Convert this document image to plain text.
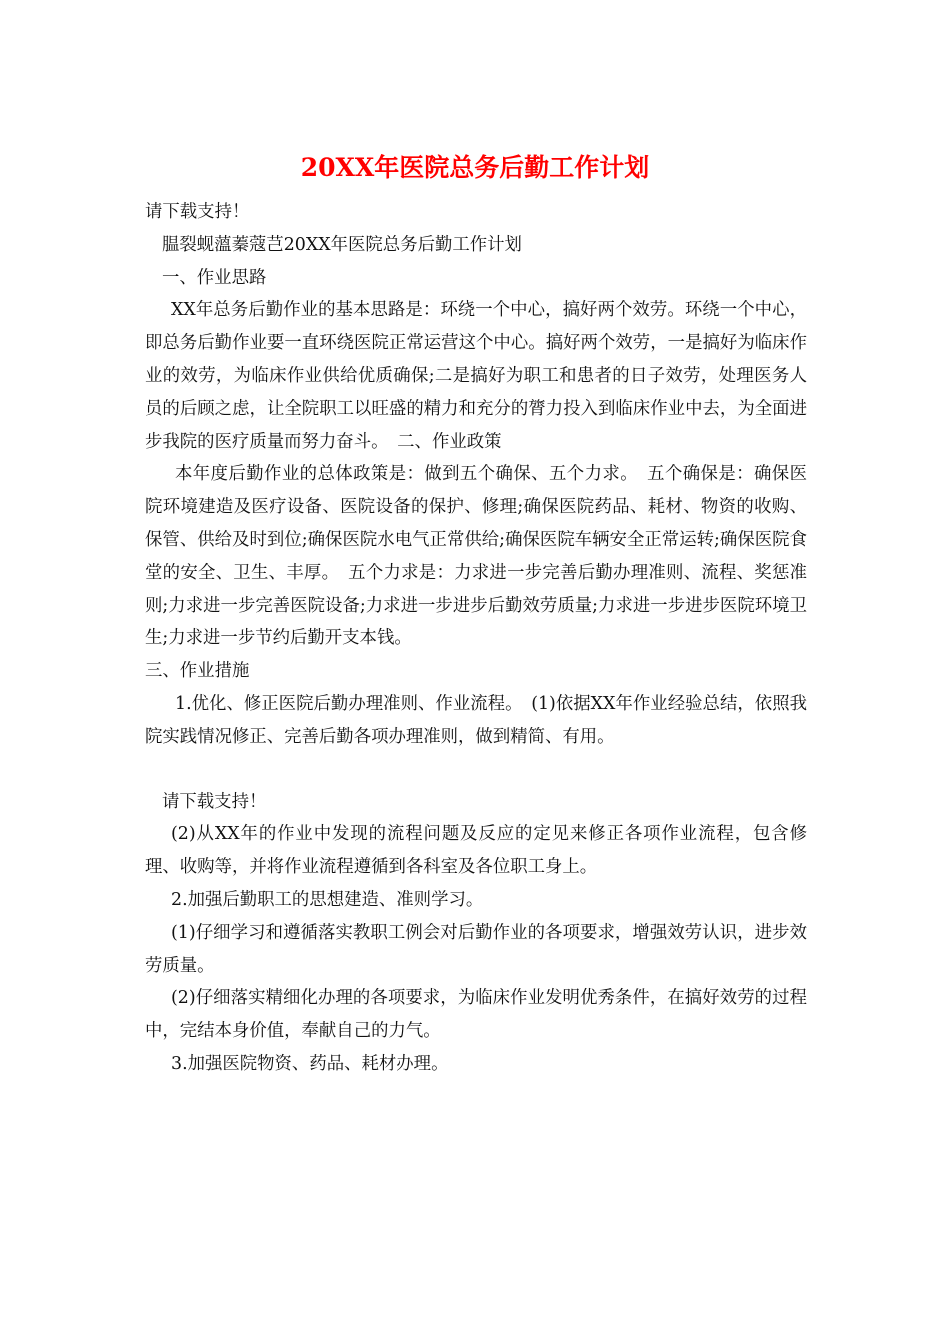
20XX年医院总务后勤工作计划

请下载支持！

腽裂蚬薀蓁蔻芑20XX年医院总务后勤工作计划

一、作业思路

XX年总务后勤作业的基本思路是：环绕一个中心，搞好两个效劳。环绕一个中心，即总务后勤作业要一直环绕医院正常运营这个中心。搞好两个效劳，一是搞好为临床作业的效劳，为临床作业供给优质确保;二是搞好为职工和患者的日子效劳，处理医务人员的后顾之虑，让全院职工以旺盛的精力和充分的膂力投入到临床作业中去，为全面进步我院的医疗质量而努力奋斗。　二、作业政策

本年度后勤作业的总体政策是：做到五个确保、五个力求。　五个确保是：确保医院环境建造及医疗设备、医院设备的保护、修理;确保医院药品、耗材、物资的收购、保管、供给及时到位;确保医院水电气正常供给;确保医院车辆安全正常运转;确保医院食堂的安全、卫生、丰厚。　五个力求是：力求进一步完善后勤办理准则、流程、奖惩准则;力求进一步完善医院设备;力求进一步进步后勤效劳质量;力求进一步进步医院环境卫生;力求进一步节约后勤开支本钱。

三、作业措施

1.优化、修正医院后勤办理准则、作业流程。　(1)依据XX年作业经验总结，依照我院实践情况修正、完善后勤各项办理准则，做到精简、有用。

请下载支持！

(2)从XX年的作业中发现的流程问题及反应的定见来修正各项作业流程，包含修理、收购等，并将作业流程遵循到各科室及各位职工身上。

2.加强后勤职工的思想建造、准则学习。

(1)仔细学习和遵循落实教职工例会对后勤作业的各项要求，增强效劳认识，进步效劳质量。

(2)仔细落实精细化办理的各项要求，为临床作业发明优秀条件，在搞好效劳的过程中，完结本身价值，奉献自己的力气。

3.加强医院物资、药品、耗材办理。
